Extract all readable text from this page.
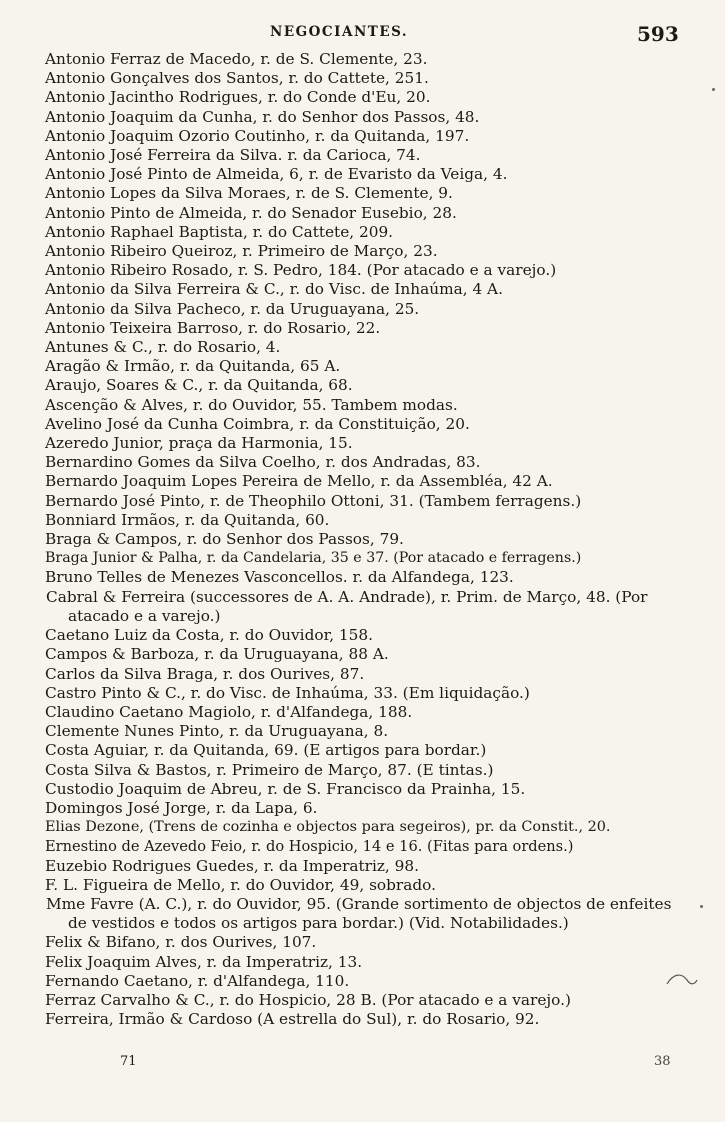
NEGOCIANTES.	593
Antonio Ferraz de Macedo, r. de S. Clemente, 23.
Antonio Gonçalves dos Santos, r. do Cattete, 251.
Antonio Jacintho Rodrigues, r. do Conde d'Eu, 20.
Antonio Joaquim da Cunha, r. do Senhor dos Passos, 48.
Antonio Joaquim Ozorio Coutinho, r. da Quitanda, 197.
Antonio José Ferreira da Silva. r. da Carioca, 74.
Antonio José Pinto de Almeida, 6, r. de Evaristo da Veiga, 4.
Antonio Lopes da Silva Moraes, r. de S. Clemente, 9.
Antonio Pinto de Almeida, r. do Senador Eusebio, 28.
Antonio Raphael Baptista, r. do Cattete, 209.
Antonio Ribeiro Queiroz, r. Primeiro de Março, 23.
Antonio Ribeiro Rosado, r. S. Pedro, 184. (Por atacado e a varejo.)
Antonio da Silva Ferreira & C., r. do Visc. de Inhaúma, 4 A.
Antonio da Silva Pacheco, r. da Uruguayana, 25.
Antonio Teixeira Barroso, r. do Rosario, 22.
Antunes & C., r. do Rosario, 4.
Aragão & Irmão, r. da Quitanda, 65 A.
Araujo, Soares & C., r. da Quitanda, 68.
Ascenção & Alves, r. do Ouvidor, 55. Tambem modas.
Avelino José da Cunha Coimbra, r. da Constituição, 20.
Azeredo Junior, praça da Harmonia, 15.
Bernardino Gomes da Silva Coelho, r. dos Andradas, 83.
Bernardo Joaquim Lopes Pereira de Mello, r. da Assembléa, 42 A.
Bernardo José Pinto, r. de Theophilo Ottoni, 31. (Tambem ferragens.)
Bonniard Irmãos, r. da Quitanda, 60.
Braga & Campos, r. do Senhor dos Passos, 79.
Braga Junior & Palha, r. da Candelaria, 35 e 37. (Por atacado e ferragens.)
Bruno Telles de Menezes Vasconcellos. r. da Alfandega, 123.
Cabral & Ferreira (successores de A. A. Andrade), r. Prim. de Março, 48. (Por atacado e a varejo.)
Caetano Luiz da Costa, r. do Ouvidor, 158.
Campos & Barboza, r. da Uruguayana, 88 A.
Carlos da Silva Braga, r. dos Ourives, 87.
Castro Pinto & C., r. do Visc. de Inhaúma, 33. (Em liquidação.)
Claudino Caetano Magiolo, r. d'Alfandega, 188.
Clemente Nunes Pinto, r. da Uruguayana, 8.
Costa Aguiar, r. da Quitanda, 69. (E artigos para bordar.)
Costa Silva & Bastos, r. Primeiro de Março, 87. (E tintas.)
Custodio Joaquim de Abreu, r. de S. Francisco da Prainha, 15.
Domingos José Jorge, r. da Lapa, 6.
Elias Dezone, (Trens de cozinha e objectos para segeiros), pr. da Constit., 20.
Ernestino de Azevedo Feio, r. do Hospicio, 14 e 16. (Fitas para ordens.)
Euzebio Rodrigues Guedes, r. da Imperatriz, 98.
F. L. Figueira de Mello, r. do Ouvidor, 49, sobrado.
Mme Favre (A. C.), r. do Ouvidor, 95. (Grande sortimento de objectos de enfeites de vestidos e todos os artigos para bordar.) (Vid. Notabilidades.)
Felix & Bifano, r. dos Ourives, 107.
Felix Joaquim Alves, r. da Imperatriz, 13.
Fernando Caetano, r. d'Alfandega, 110.
Ferraz Carvalho & C., r. do Hospicio, 28 B. (Por atacado e a varejo.)
Ferreira, Irmão & Cardoso (A estrella do Sul), r. do Rosario, 92.
71	38
